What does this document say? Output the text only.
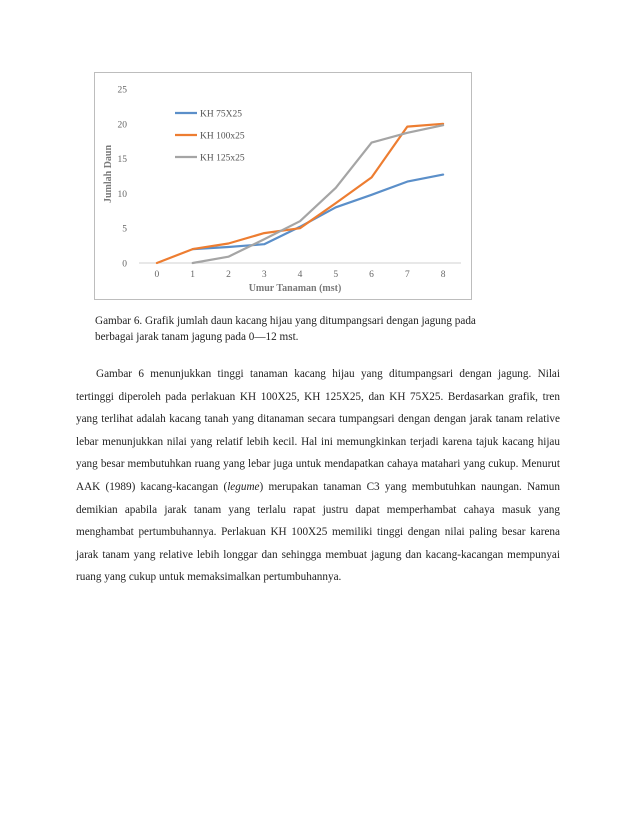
0
5
10
15
20
25
0	1	2	3	4	5	6	7	8
Umur Tanaman (mst)
Jumlah Daun
KH 75X25
KH 100x25
KH 125x25
Gambar 6. Grafik jumlah daun kacang hijau yang ditumpangsari dengan jagung pada
berbagai jarak tanam jagung pada 0—12 mst.

Gambar 6 menunjukkan tinggi tanaman kacang hijau yang ditumpangsari dengan jagung. Nilai tertinggi diperoleh pada perlakuan KH 100X25, KH 125X25, dan KH 75X25. Berdasarkan grafik, tren yang terlihat adalah kacang tanah yang ditanaman secara tumpangsari dengan dengan jarak tanam relative lebar menunjukkan nilai yang relatif lebih kecil. Hal ini memungkinkan terjadi karena tajuk kacang hijau yang besar membutuhkan ruang yang lebar juga untuk mendapatkan cahaya matahari yang cukup. Menurut AAK (1989) kacang-kacangan (legume) merupakan tanaman C3 yang membutuhkan naungan. Namun demikian apabila jarak tanam yang terlalu rapat justru dapat memperhambat cahaya masuk yang menghambat pertumbuhannya. Perlakuan KH 100X25 memiliki tinggi dengan nilai paling besar karena jarak tanam yang relative lebih longgar dan sehingga membuat jagung dan kacang-kacangan mempunyai ruang yang cukup untuk memaksimalkan pertumbuhannya.
